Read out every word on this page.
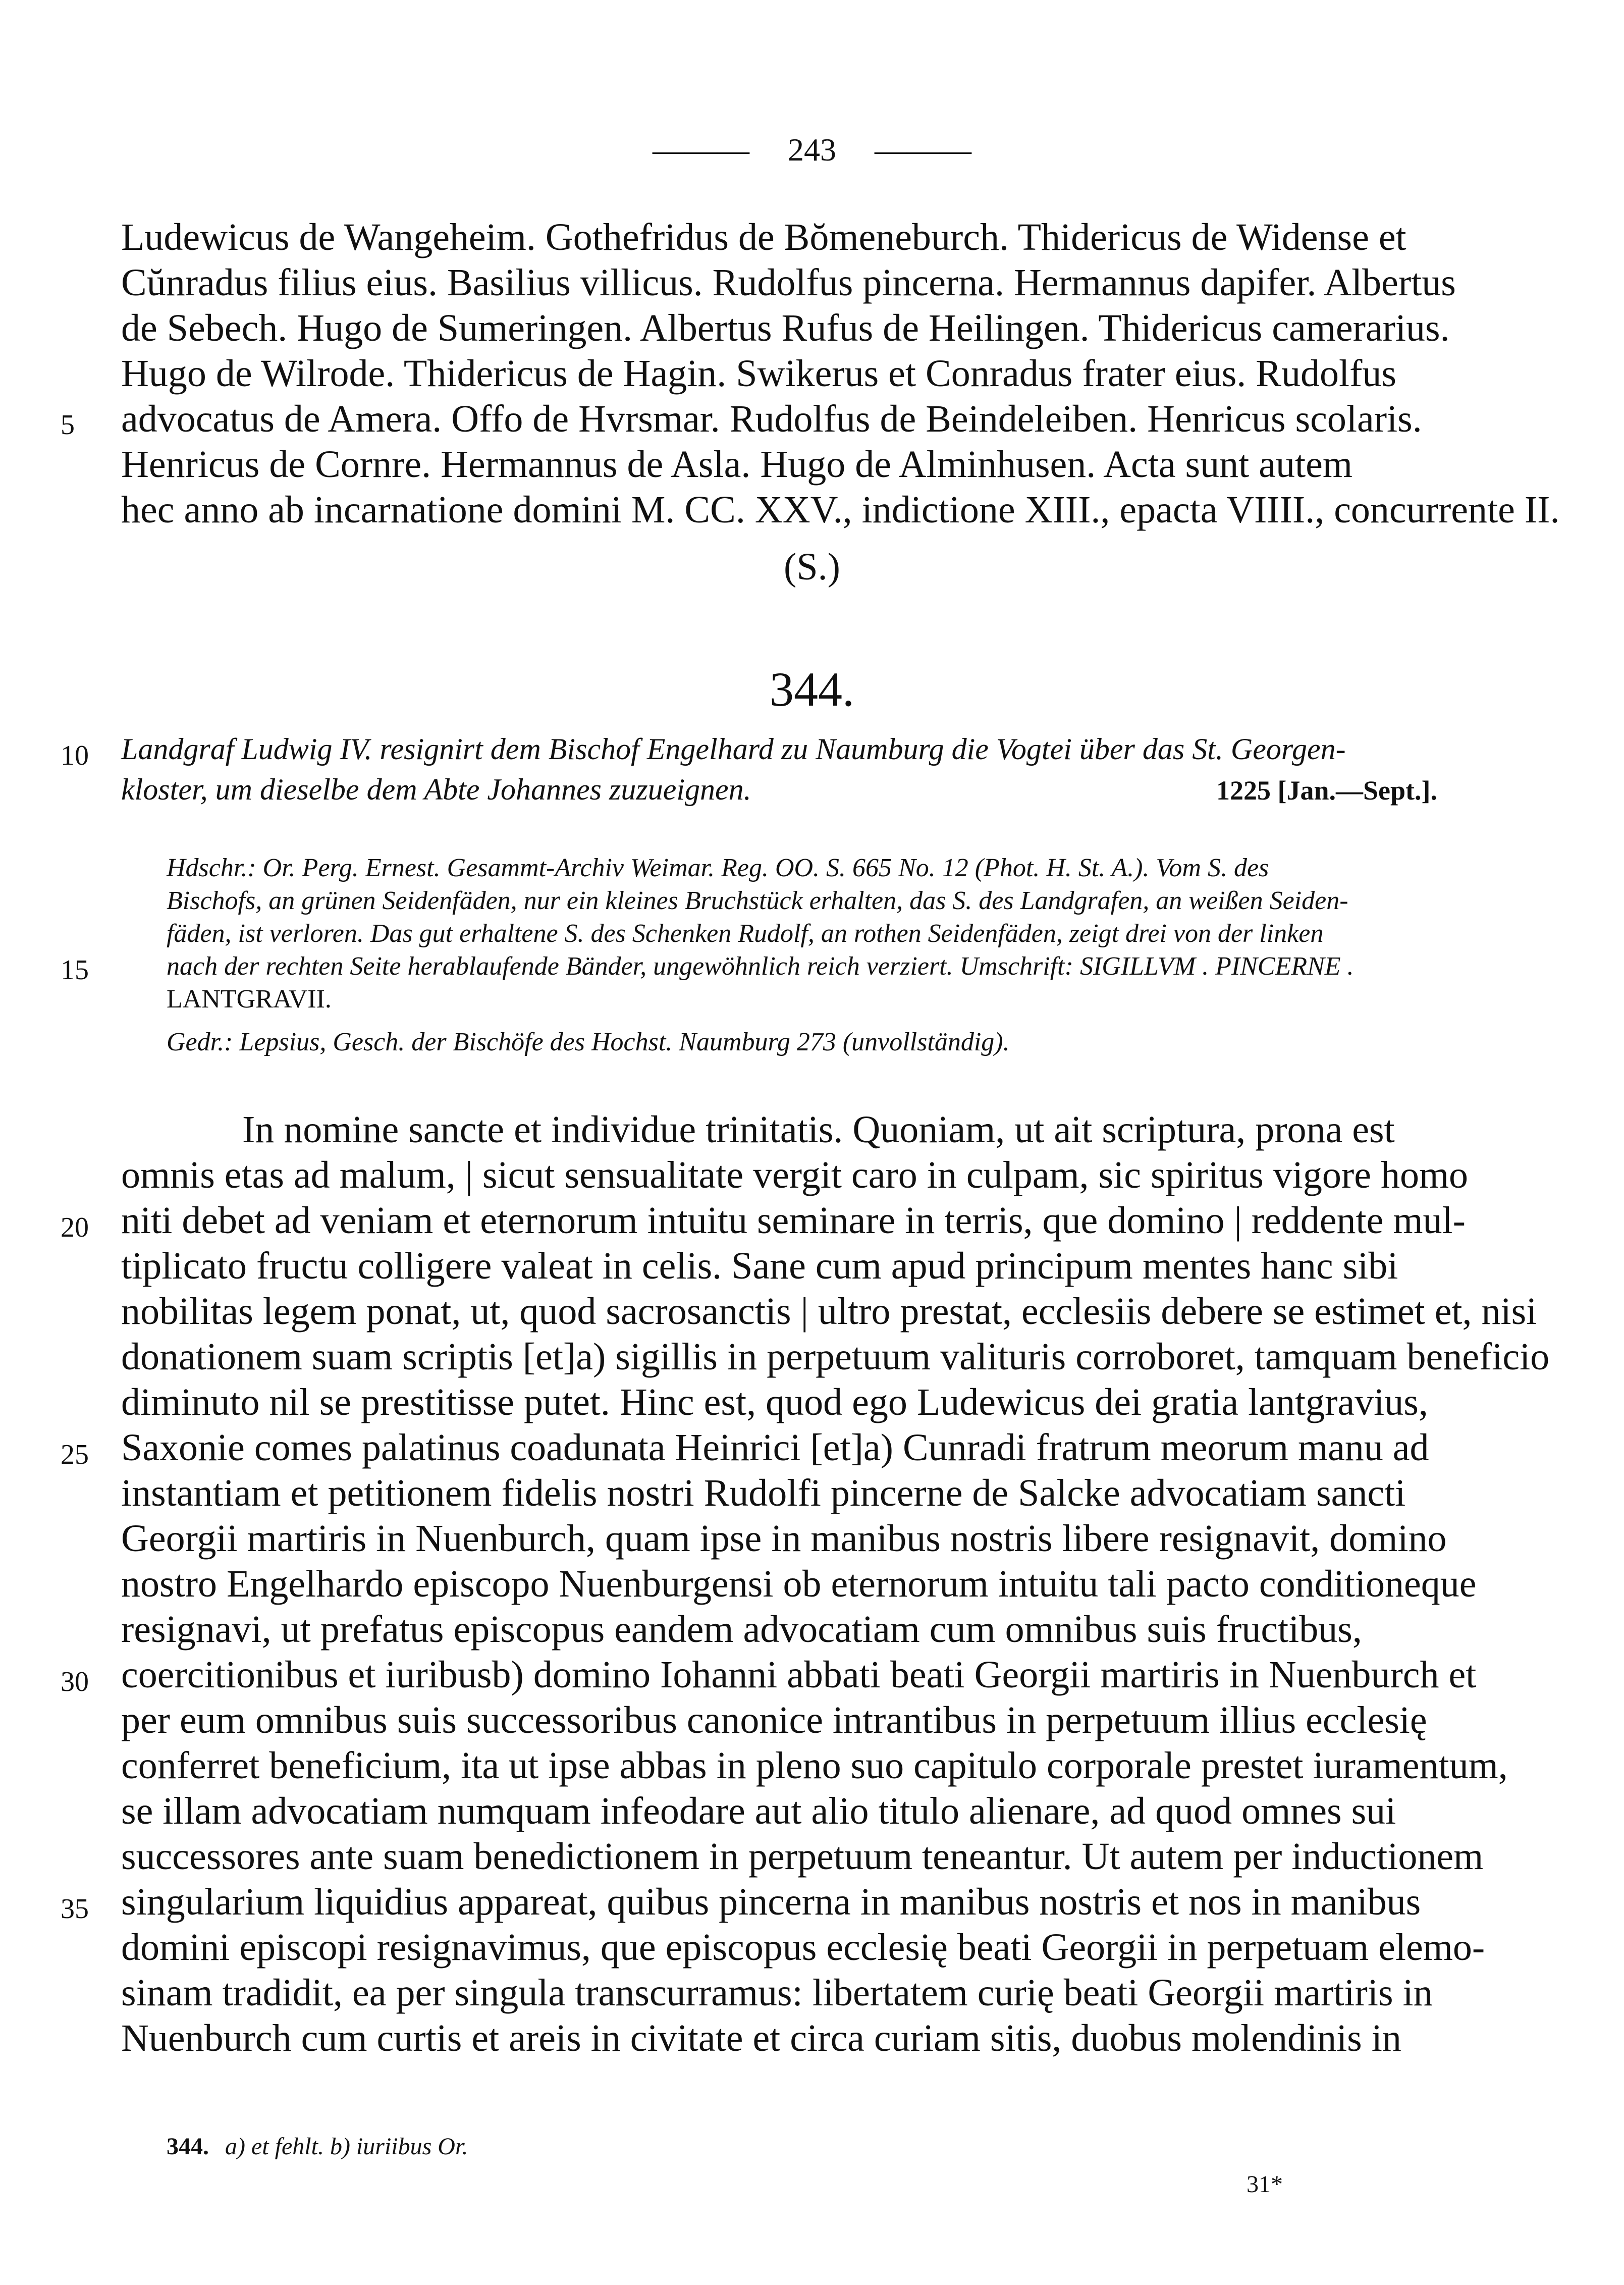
——— 243 ———
Ludewicus de Wangeheim. Gothefridus de Bŏmeneburch. Thidericus de Widense et
Cŭnradus filius eius. Basilius villicus. Rudolfus pincerna. Hermannus dapifer. Albertus
de Sebech. Hugo de Sumeringen. Albertus Rufus de Heilingen. Thidericus camerarius.
Hugo de Wilrode. Thidericus de Hagin. Swikerus et Conradus frater eius. Rudolfus
5 advocatus de Amera. Offo de Hvrsmar. Rudolfus de Beindeleiben. Henricus scolaris.
Henricus de Cornre. Hermannus de Asla. Hugo de Alminhusen. Acta sunt autem
hec anno ab incarnatione domini M. CC. XXV., indictione XIII., epacta VIIII., concurrente II.
(S.)
344.
10 Landgraf Ludwig IV. resignirt dem Bischof Engelhard zu Naumburg die Vogtei über das St. Georgen-
kloster, um dieselbe dem Abte Johannes zuzueignen.	1225 [Jan.—Sept.].
Hdschr.: Or. Perg. Ernest. Gesammt-Archiv Weimar. Reg. OO. S. 665 No. 12 (Phot. H. St. A.). Vom S. des
Bischofs, an grünen Seidenfäden, nur ein kleines Bruchstück erhalten, das S. des Landgrafen, an weißen Seiden-
fäden, ist verloren. Das gut erhaltene S. des Schenken Rudolf, an rothen Seidenfäden, zeigt drei von der linken
15	nach der rechten Seite herablaufende Bänder, ungewöhnlich reich verziert. Umschrift: SIGILLVM . PINCERNE .
LANTGRAVII.
Gedr.: Lepsius, Gesch. der Bischöfe des Hochst. Naumburg 273 (unvollständig).
In nomine sancte et individue trinitatis. Quoniam, ut ait scriptura, prona est
omnis etas ad malum, | sicut sensualitate vergit caro in culpam, sic spiritus vigore homo
20 niti debet ad veniam et eternorum intuitu seminare in terris, que domino | reddente mul-
tiplicato fructu colligere valeat in celis. Sane cum apud principum mentes hanc sibi
nobilitas legem ponat, ut, quod sacrosanctis | ultro prestat, ecclesiis debere se estimet et, nisi
donationem suam scriptis [et]a) sigillis in perpetuum valituris corroboret, tamquam beneficio
diminuto nil se prestitisse putet. Hinc est, quod ego Ludewicus dei gratia lantgravius,
25 Saxonie comes palatinus coadunata Heinrici [et]a) Cunradi fratrum meorum manu ad
instantiam et petitionem fidelis nostri Rudolfi pincerne de Salcke advocatiam sancti
Georgii martiris in Nuenburch, quam ipse in manibus nostris libere resignavit, domino
nostro Engelhardo episcopo Nuenburgensi ob eternorum intuitu tali pacto conditioneque
resignavi, ut prefatus episcopus eandem advocatiam cum omnibus suis fructibus,
30 coercitionibus et iuribusb) domino Iohanni abbati beati Georgii martiris in Nuenburch et
per eum omnibus suis successoribus canonice intrantibus in perpetuum illius ecclesię
conferret beneficium, ita ut ipse abbas in pleno suo capitulo corporale prestet iuramentum,
se illam advocatiam numquam infeodare aut alio titulo alienare, ad quod omnes sui
successores ante suam benedictionem in perpetuum teneantur. Ut autem per inductionem
35 singularium liquidius appareat, quibus pincerna in manibus nostris et nos in manibus
domini episcopi resignavimus, que episcopus ecclesię beati Georgii in perpetuam elemo-
sinam tradidit, ea per singula transcurramus: libertatem curię beati Georgii martiris in
Nuenburch cum curtis et areis in civitate et circa curiam sitis, duobus molendinis in
344. a) et fehlt. b) iuriibus Or.
31*
